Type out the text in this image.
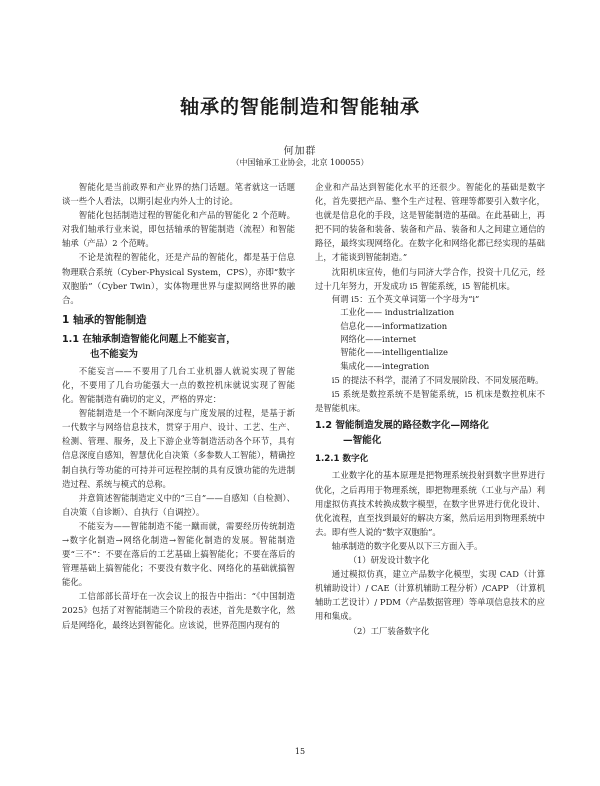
轴承的智能制造和智能轴承
何加群
（中国轴承工业协会，北京 100055）

智能化是当前政界和产业界的热门话题。笔者就这一话题谈一些个人看法，以期引起业内外人士的讨论。

智能化包括制造过程的智能化和产品的智能化 2 个范畴。对我们轴承行业来说，即包括轴承的智能制造（流程）和智能轴承（产品）2 个范畴。

不论是流程的智能化，还是产品的智能化，都是基于信息物理联合系统（Cyber-Physical System，CPS），亦即“数字双胞胎”（Cyber Twin），实体物理世界与虚拟网络世界的融合。

1 轴承的智能制造
1.1 在轴承制造智能化问题上不能妄言，
也不能妄为

不能妄言——不要用了几台工业机器人就说实现了智能化，不要用了几台功能强大一点的数控机床就说实现了智能化。智能制造有确切的定义，严格的界定：

智能制造是一个不断向深度与广度发展的过程，是基于新一代数字与网络信息技术，贯穿于用户、设计、工艺、生产、检测、管理、服务，及上下游企业等制造活动各个环节，具有信息深度自感知，智慧优化自决策（多参数人工智能），精确控制自执行等功能的可持并可远程控制的具有反馈功能的先进制造过程、系统与模式的总称。

并意简述智能制造定义中的“三自”——自感知（自检测）、自决策（自诊断）、自执行（自调控）。

不能妄为——智能制造不能一蹴而就，需要经历传统制造→数字化制造→网络化制造→智能化制造的发展。智能制造要“三不”：不要在落后的工艺基础上搞智能化；不要在落后的管理基础上搞智能化；不要没有数字化、网络化的基础就搞智能化。

工信部部长苗圩在一次会议上的报告中指出：“《中国制造 2025》包括了对智能制造三个阶段的表述，首先是数字化，然后是网络化，最终达到智能化。应该说，世界范围内现有的

企业和产品达到智能化水平的还很少。智能化的基础是数字化，首先要把产品、整个生产过程、管理等都要引入数字化，也就是信息化的手段，这是智能制造的基础。在此基础上，再把不同的装备和装备、装备和产品、装备和人之间建立通信的路径，最终实现网络化。在数字化和网络化都已经实现的基础上，才能谈到智能制造。”

沈阳机床宣传，他们与同济大学合作，投资十几亿元，经过十几年努力，开发成功 i5 智能系统，i5 智能机床。

何谓 i5：五个英文单词第一个字母为“i”
工业化—— industrialization
信息化——informatization
网络化——internet
智能化——intelligentialize
集成化——integration

i5 的提法不科学，混淆了不同发展阶段、不同发展范畴。

i5 系统是数控系统不是智能系统，i5 机床是数控机床不是智能机床。

1.2 智能制造发展的路径数字化—网络化
—智能化
1.2.1 数字化

工业数字化的基本原理是把物理系统投射到数字世界进行优化，之后再用于物理系统，即把物理系统（工业与产品）利用虚拟仿真技术转换成数字模型，在数字世界进行优化设计、优化流程，直至找到最好的解决方案，然后运用到物理系统中去。即有些人说的“数字双胞胎”。

轴承制造的数字化要从以下三方面入手。

（1）研发设计数字化

通过模拟仿真，建立产品数字化模型，实现 CAD（计算机辅助设计）/ CAE（计算机辅助工程分析）/CAPP （计算机辅助工艺设计）/ PDM（产品数据管理）等单项信息技术的应用和集成。

（2）工厂装备数字化

15
